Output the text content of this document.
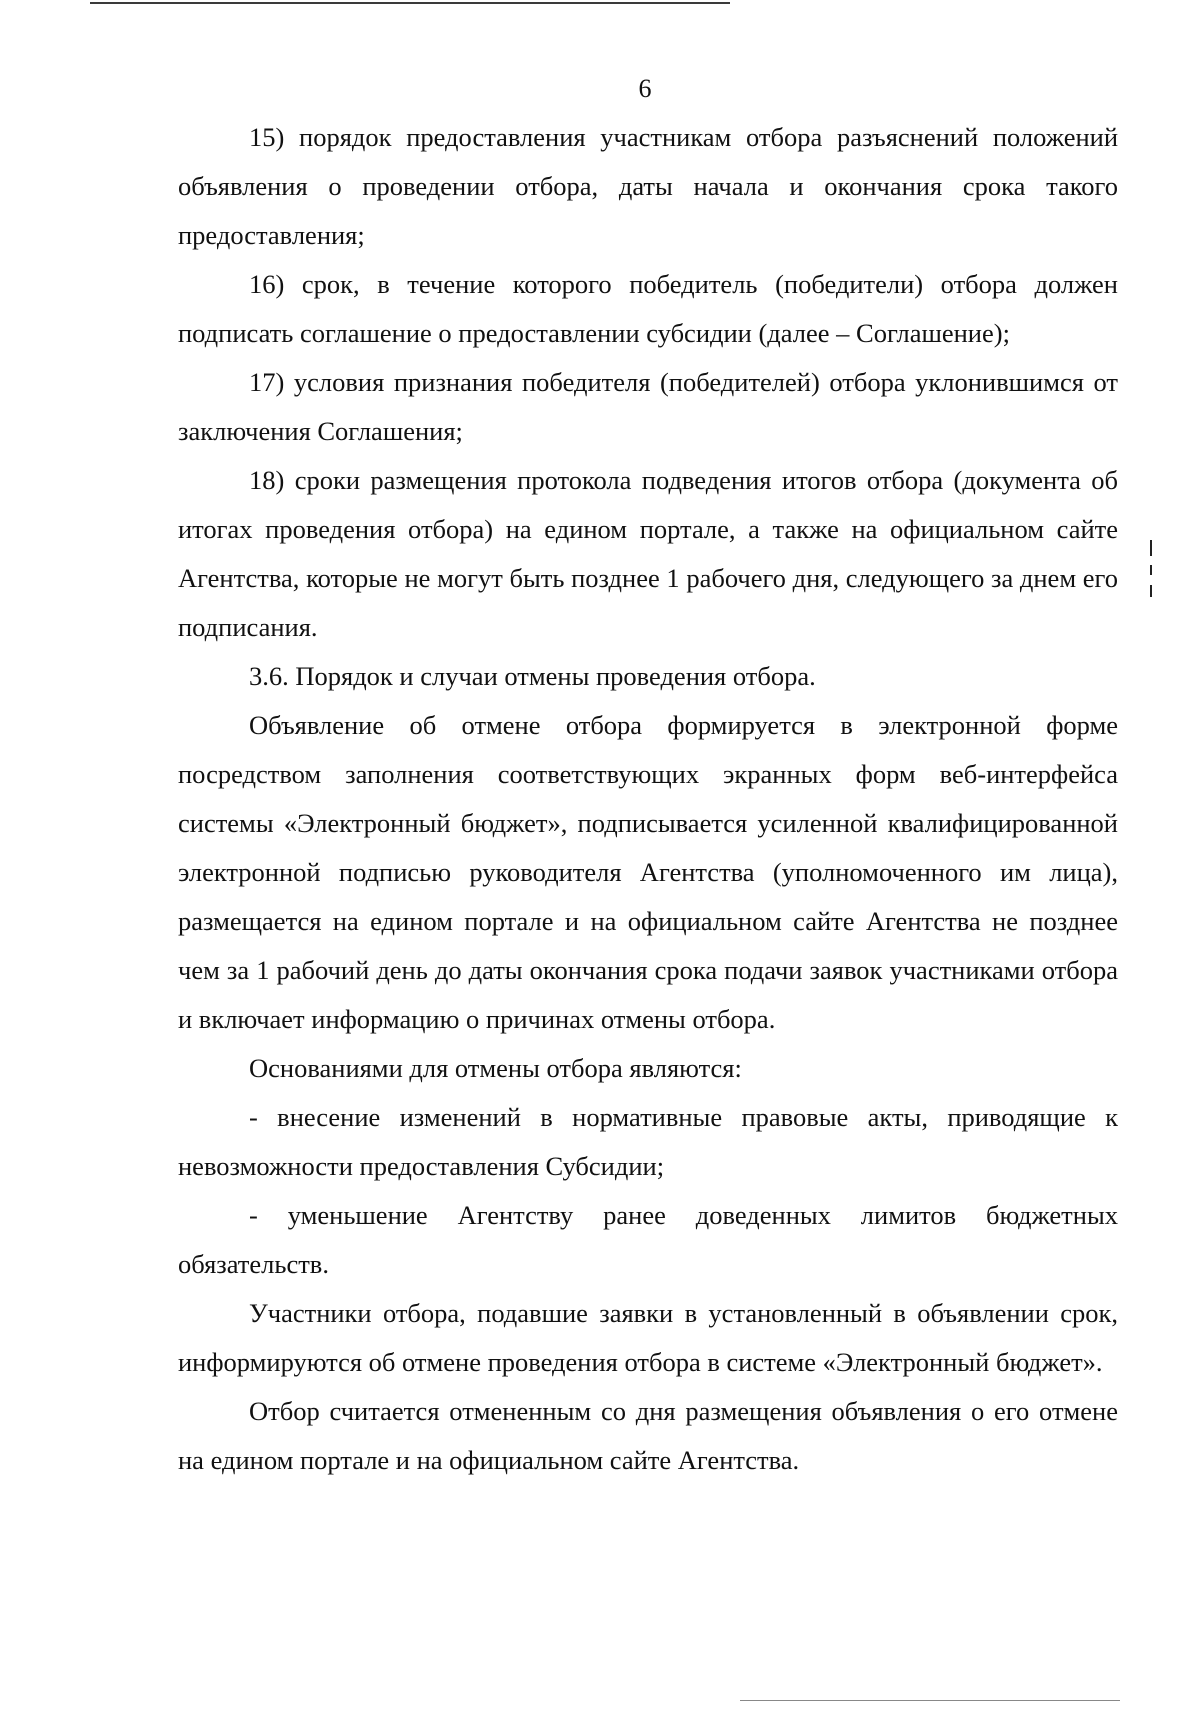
6

15) порядок предоставления участникам отбора разъяснений положений объявления о проведении отбора, даты начала и окончания срока такого предоставления;

16) срок, в течение которого победитель (победители) отбора должен подписать соглашение о предоставлении субсидии (далее – Соглашение);

17) условия признания победителя (победителей) отбора уклонившимся от заключения Соглашения;

18) сроки размещения протокола подведения итогов отбора (документа об итогах проведения отбора) на едином портале, а также на официальном сайте Агентства, которые не могут быть позднее 1 рабочего дня, следующего за днем его подписания.

3.6. Порядок и случаи отмены проведения отбора.

Объявление об отмене отбора формируется в электронной форме посредством заполнения соответствующих экранных форм веб-интерфейса системы «Электронный бюджет», подписывается усиленной квалифицированной электронной подписью руководителя Агентства (уполномоченного им лица), размещается на едином портале и на официальном сайте Агентства не позднее чем за 1 рабочий день до даты окончания срока подачи заявок участниками отбора и включает информацию о причинах отмены отбора.

Основаниями для отмены отбора являются:

- внесение изменений в нормативные правовые акты, приводящие к невозможности предоставления Субсидии;

- уменьшение Агентству ранее доведенных лимитов бюджетных обязательств.

Участники отбора, подавшие заявки в установленный в объявлении срок, информируются об отмене проведения отбора в системе «Электронный бюджет».

Отбор считается отмененным со дня размещения объявления о его отмене на едином портале и на официальном сайте Агентства.
